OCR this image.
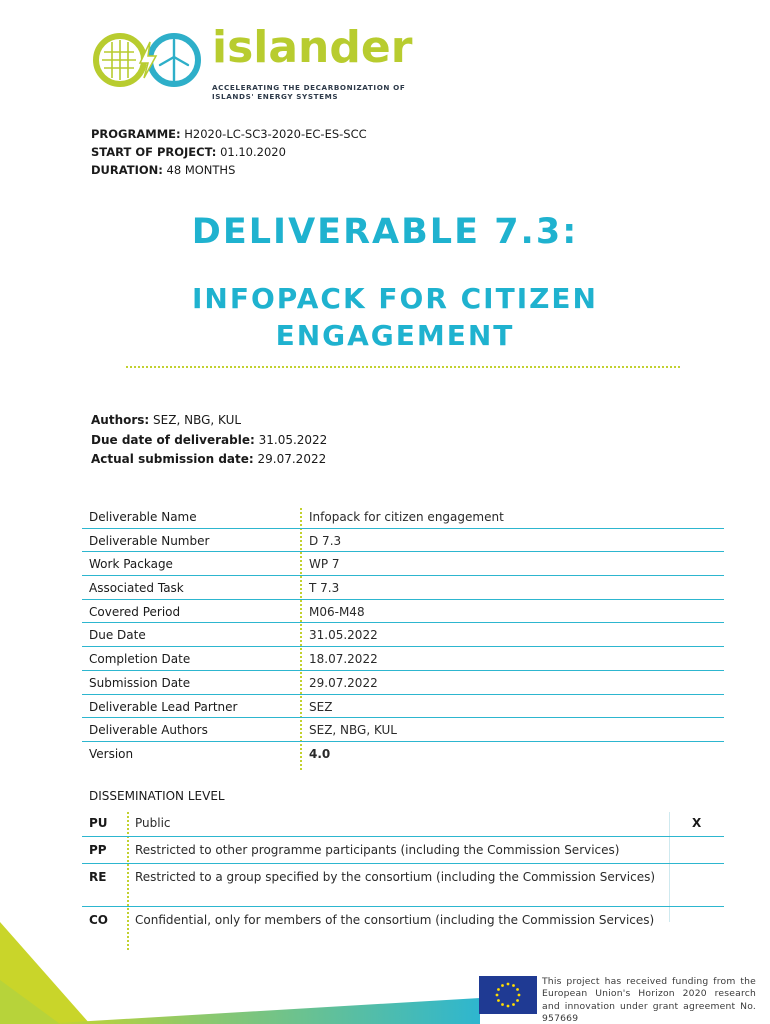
islander
ACCELERATING THE DECARBONIZATION OF
ISLANDS' ENERGY SYSTEMS
PROGRAMME: H2020-LC-SC3-2020-EC-ES-SCC
START OF PROJECT: 01.10.2020
DURATION: 48 MONTHS
DELIVERABLE 7.3:
INFOPACK FOR CITIZEN ENGAGEMENT
Authors: SEZ, NBG, KUL
Due date of deliverable: 31.05.2022
Actual submission date: 29.07.2022
Deliverable Name	Infopack for citizen engagement
Deliverable Number	D 7.3
Work Package	WP 7
Associated Task	T 7.3
Covered Period	M06-M48
Due Date	31.05.2022
Completion Date	18.07.2022
Submission Date	29.07.2022
Deliverable Lead Partner	SEZ
Deliverable Authors	SEZ, NBG, KUL
Version	4.0
DISSEMINATION LEVEL
PU Public	X
PP Restricted to other programme participants (including the Commission Services)
RE Restricted to a group specified by the consortium (including the Commission Services)
CO Confidential, only for members of the consortium (including the Commission Services)
This project has received funding from the European Union's Horizon 2020 research and innovation under grant agreement No. 957669
